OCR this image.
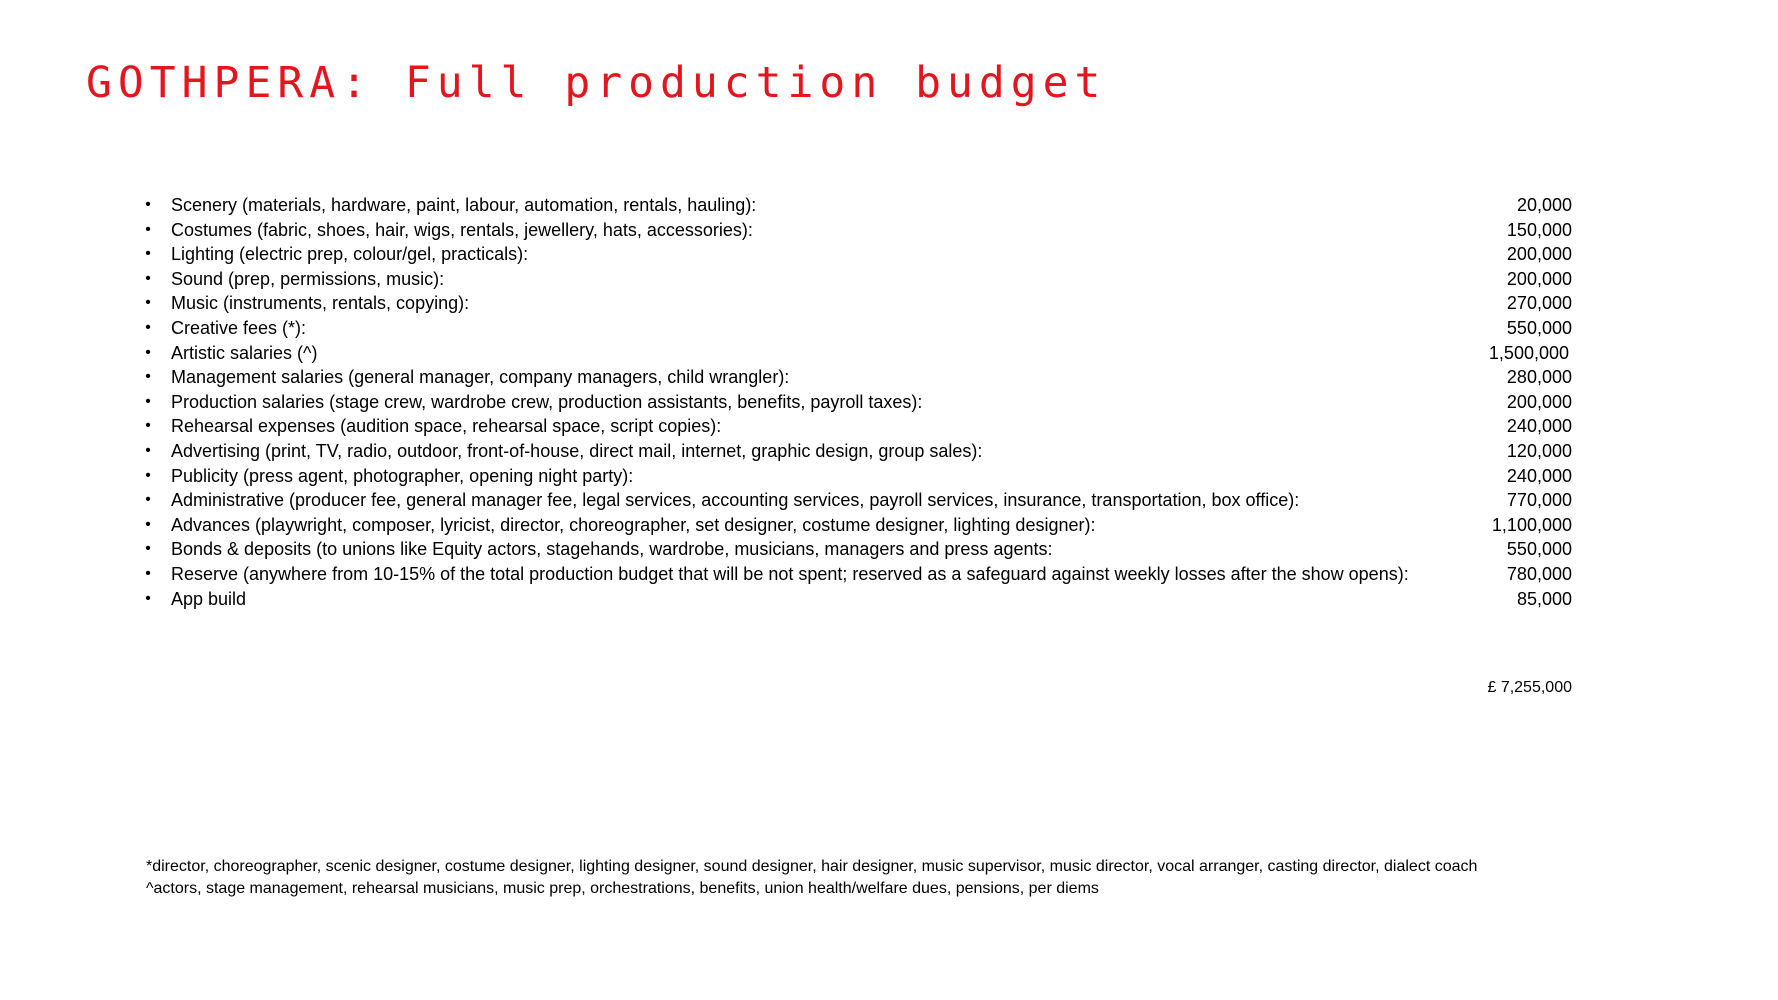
GOTHPERA: Full production budget
• Scenery (materials, hardware, paint, labour, automation, rentals, hauling):	20,000
• Costumes (fabric, shoes, hair, wigs, rentals, jewellery, hats, accessories):	150,000
• Lighting (electric prep, colour/gel, practicals):	200,000
• Sound (prep, permissions, music):	200,000
• Music (instruments, rentals, copying):	270,000
• Creative fees (*):	550,000
• Artistic salaries (^)	1,500,000
• Management salaries (general manager, company managers, child wrangler):	280,000
• Production salaries (stage crew, wardrobe crew, production assistants, benefits, payroll taxes):	200,000
• Rehearsal expenses (audition space, rehearsal space, script copies):	240,000
• Advertising (print, TV, radio, outdoor, front-of-house, direct mail, internet, graphic design, group sales):	120,000
• Publicity (press agent, photographer, opening night party):	240,000
• Administrative (producer fee, general manager fee, legal services, accounting services, payroll services, insurance, transportation, box office):	770,000
• Advances (playwright, composer, lyricist, director, choreographer, set designer, costume designer, lighting designer):	1,100,000
• Bonds & deposits (to unions like Equity actors, stagehands, wardrobe, musicians, managers and press agents:	550,000
• Reserve (anywhere from 10-15% of the total production budget that will be not spent; reserved as a safeguard against weekly losses after the show opens):	780,000
• App build	85,000
£ 7,255,000
*director, choreographer, scenic designer, costume designer, lighting designer, sound designer, hair designer, music supervisor, music director, vocal arranger, casting director, dialect coach
^actors, stage management, rehearsal musicians, music prep, orchestrations, benefits, union health/welfare dues, pensions, per diems
